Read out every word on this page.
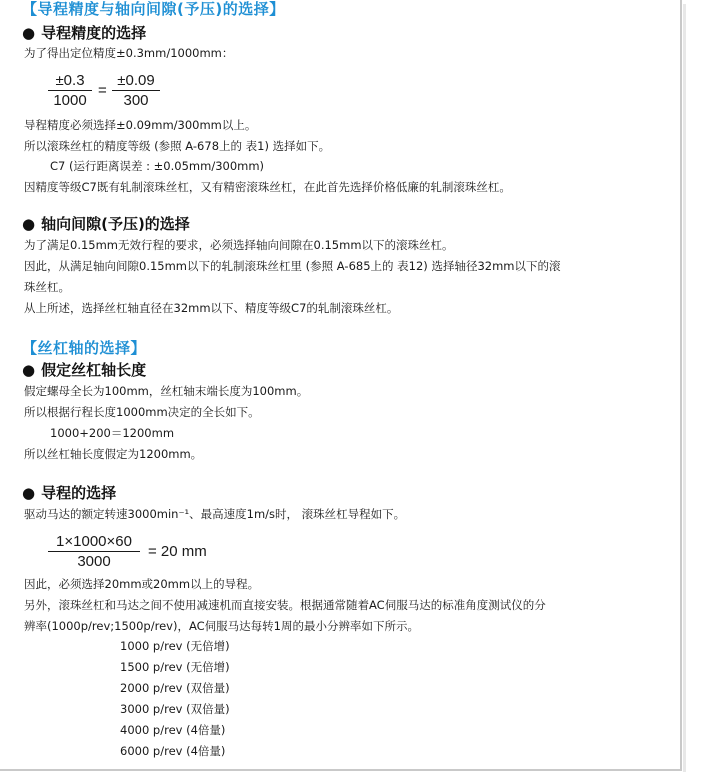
【导程精度与轴向间隙(予压)的选择】
● 导程精度的选择
为了得出定位精度±0.3mm/1000mm：
$\frac{\pm 0.3}{1000} = \frac{\pm 0.09}{300}$
导程精度必须选择±0.09mm/300mm以上。
所以滚珠丝杠的精度等级 (参照 A-678上的 表1) 选择如下。
C7 (运行距离误差 : ±0.05mm/300mm)
因精度等级C7既有轧制滚珠丝杠，又有精密滚珠丝杠，在此首先选择价格低廉的轧制滚珠丝杠。
● 轴向间隙(予压)的选择
为了满足0.15mm无效行程的要求，必须选择轴向间隙在0.15mm以下的滚珠丝杠。
因此，从满足轴向间隙0.15mm以下的轧制滚珠丝杠里 (参照 A-685上的 表12) 选择轴径32mm以下的滚
珠丝杠。
从上所述，选择丝杠轴直径在32mm以下、精度等级C7的轧制滚珠丝杠。
【丝杠轴的选择】
● 假定丝杠轴长度
假定螺母全长为100mm，丝杠轴末端长度为100mm。
所以根据行程长度1000mm决定的全长如下。
1000+200＝1200mm
所以丝杠轴长度假定为1200mm。
● 导程的选择
驱动马达的额定转速3000min⁻¹、最高速度1m/s时， 滚珠丝杠导程如下。
$\frac{1\times 1000\times 60}{3000} = 20$ mm
因此，必须选择20mm或20mm以上的导程。
另外，滚珠丝杠和马达之间不使用减速机而直接安装。根据通常随着AC伺服马达的标准角度测试仪的分
辨率(1000p/rev;1500p/rev)，AC伺服马达每转1周的最小分辨率如下所示。
1000 p/rev (无倍增)
1500 p/rev (无倍增)
2000 p/rev (双倍量)
3000 p/rev (双倍量)
4000 p/rev (4倍量)
6000 p/rev (4倍量)
